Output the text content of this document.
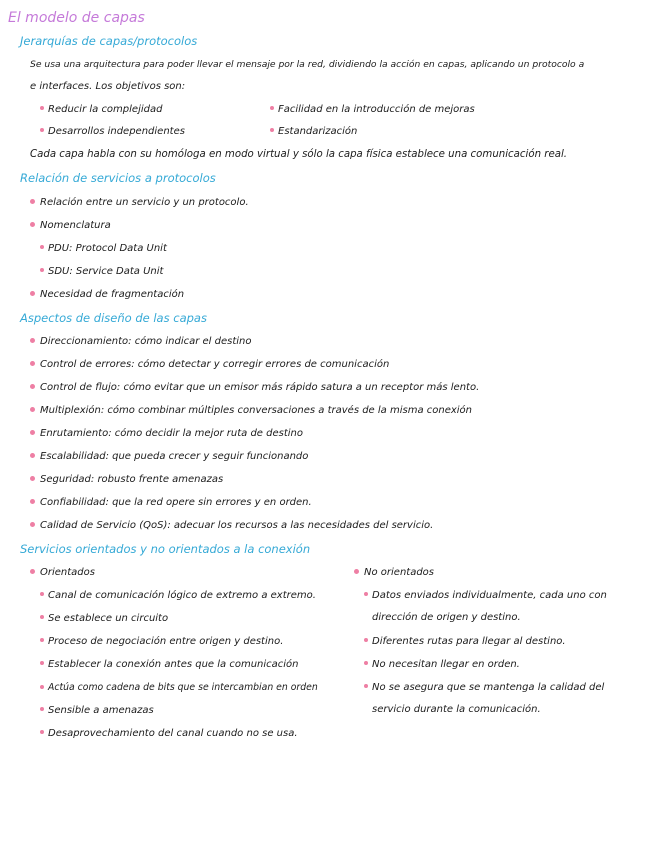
El modelo de capas
Jerarquías de capas/protocolos
Se usa una arquitectura para poder llevar el mensaje por la red, dividiendo la acción en capas, aplicando un protocolo a
e interfaces. Los objetivos son:
Reducir la complejidad	Facilidad en la introducción de mejoras
Desarrollos independientes	Estandarización
Cada capa habla con su homóloga en modo virtual y sólo la capa física establece una comunicación real.
Relación de servicios a protocolos
Relación entre un servicio y un protocolo.
Nomenclatura
PDU: Protocol Data Unit
SDU: Service Data Unit
Necesidad de fragmentación
Aspectos de diseño de las capas
Direccionamiento: cómo indicar el destino
Control de errores: cómo detectar y corregir errores de comunicación
Control de flujo: cómo evitar que un emisor más rápido satura a un receptor más lento.
Multiplexión: cómo combinar múltiples conversaciones a través de la misma conexión
Enrutamiento: cómo decidir la mejor ruta de destino
Escalabilidad: que pueda crecer y seguir funcionando
Seguridad: robusto frente amenazas
Confiabilidad: que la red opere sin errores y en orden.
Calidad de Servicio (QoS): adecuar los recursos a las necesidades del servicio.
Servicios orientados y no orientados a la conexión
Orientados
Canal de comunicación lógico de extremo a extremo.
Se establece un circuito
Proceso de negociación entre origen y destino.
Establecer la conexión antes que la comunicación
Actúa como cadena de bits que se intercambian en orden
Sensible a amenazas
Desaprovechamiento del canal cuando no se usa.
No orientados
Datos enviados individualmente, cada uno con
dirección de origen y destino.
Diferentes rutas para llegar al destino.
No necesitan llegar en orden.
No se asegura que se mantenga la calidad del
servicio durante la comunicación.
